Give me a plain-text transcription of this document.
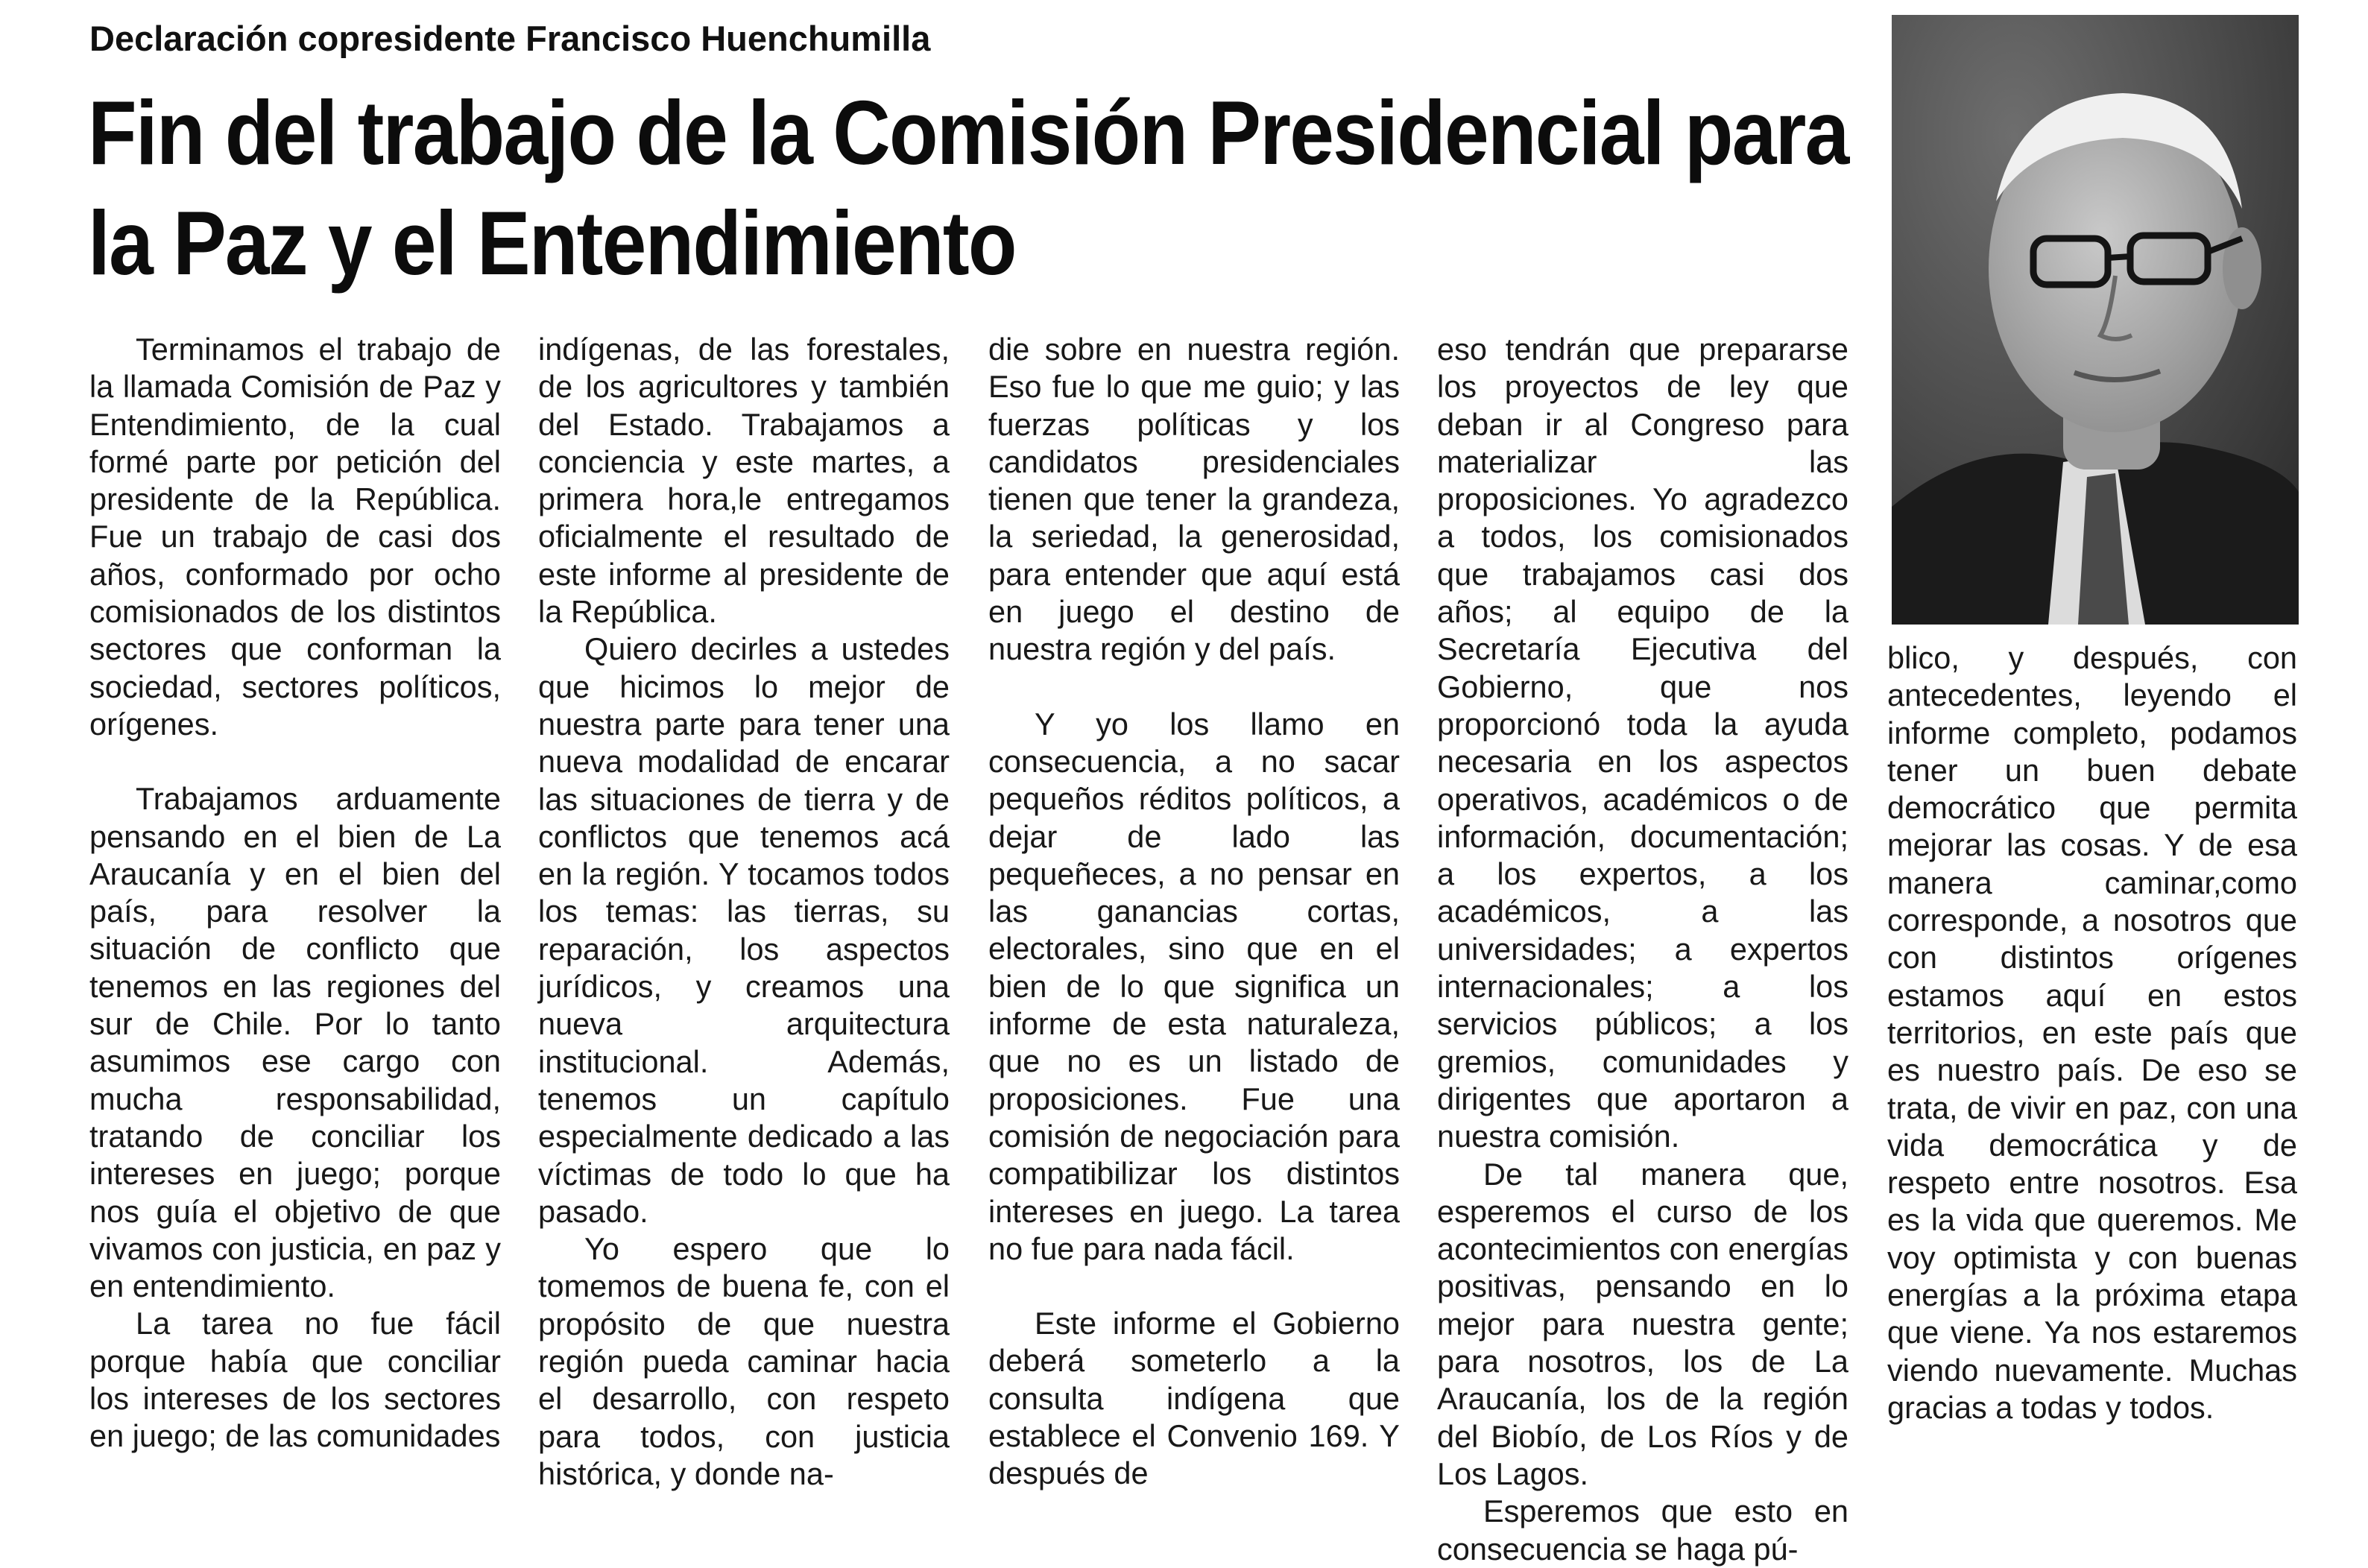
Declaración copresidente Francisco Huenchumilla
Fin del trabajo de la Comisión Presidencial para
la Paz y el Entendimiento

Terminamos el trabajo de la llamada Comisión de Paz y Entendimiento, de la cual formé parte por petición del presidente de la República. Fue un trabajo de casi dos años, conformado por ocho comisionados de los distintos sectores que conforman la sociedad, sectores políticos, orígenes.

Trabajamos arduamente pensando en el bien de La Araucanía y en el bien del país, para resolver la situación de conflicto que tenemos en las regiones del sur de Chile. Por lo tanto asumimos ese cargo con mucha responsabilidad, tratando de conciliar los intereses en juego; porque nos guía el objetivo de que vivamos con justicia, en paz y en entendimiento.

La tarea no fue fácil porque había que conciliar los intereses de los sectores en juego; de las comunidades

indígenas, de las forestales, de los agricultores y también del Estado. Trabajamos a conciencia y este martes, a primera hora,le entregamos oficialmente el resultado de este informe al presidente de la República.

Quiero decirles a ustedes que hicimos lo mejor de nuestra parte para tener una nueva modalidad de encarar las situaciones de tierra y de conflictos que tenemos acá en la región. Y tocamos todos los temas: las tierras, su reparación, los aspectos jurídicos, y creamos una nueva arquitectura institucional. Además, tenemos un capítulo especialmente dedicado a las víctimas de todo lo que ha pasado.

Yo espero que lo tomemos de buena fe, con el propósito de que nuestra región pueda caminar hacia el desarrollo, con respeto para todos, con justicia histórica, y donde na-

die sobre en nuestra región. Eso fue lo que me guio; y las fuerzas políticas y los candidatos presidenciales tienen que tener la grandeza, la seriedad, la generosidad, para entender que aquí está en juego el destino de nuestra región y del país.

Y yo los llamo en consecuencia, a no sacar pequeños réditos políticos, a dejar de lado las pequeñeces, a no pensar en las ganancias cortas, electorales, sino que en el bien de lo que significa un informe de esta naturaleza, que no es un listado de proposiciones. Fue una comisión de negociación para compatibilizar los distintos intereses en juego. La tarea no fue para nada fácil.

Este informe el Gobierno deberá someterlo a la consulta indígena que establece el Convenio 169. Y después de

eso tendrán que prepararse los proyectos de ley que deban ir al Congreso para materializar las proposiciones. Yo agradezco a todos, los comisionados que trabajamos casi dos años; al equipo de la Secretaría Ejecutiva del Gobierno, que nos proporcionó toda la ayuda necesaria en los aspectos operativos, académicos o de información, documentación; a los expertos, a los académicos, a las universidades; a expertos internacionales; a los servicios públicos; a los gremios, comunidades y dirigentes que aportaron a nuestra comisión.

De tal manera que, esperemos el curso de los acontecimientos con energías positivas, pensando en lo mejor para nuestra gente; para nosotros, los de La Araucanía, los de la región del Biobío, de Los Ríos y de Los Lagos.

Esperemos que esto en consecuencia se haga pú-

blico, y después, con antecedentes, leyendo el informe completo, podamos tener un buen debate democrático que permita mejorar las cosas. Y de esa manera caminar,como corresponde, a nosotros que con distintos orígenes estamos aquí en estos territorios, en este país que es nuestro país. De eso se trata, de vivir en paz, con una vida democrática y de respeto entre nosotros. Esa es la vida que queremos. Me voy optimista y con buenas energías a la próxima etapa que viene. Ya nos estaremos viendo nuevamente. Muchas gracias a todas y todos.
